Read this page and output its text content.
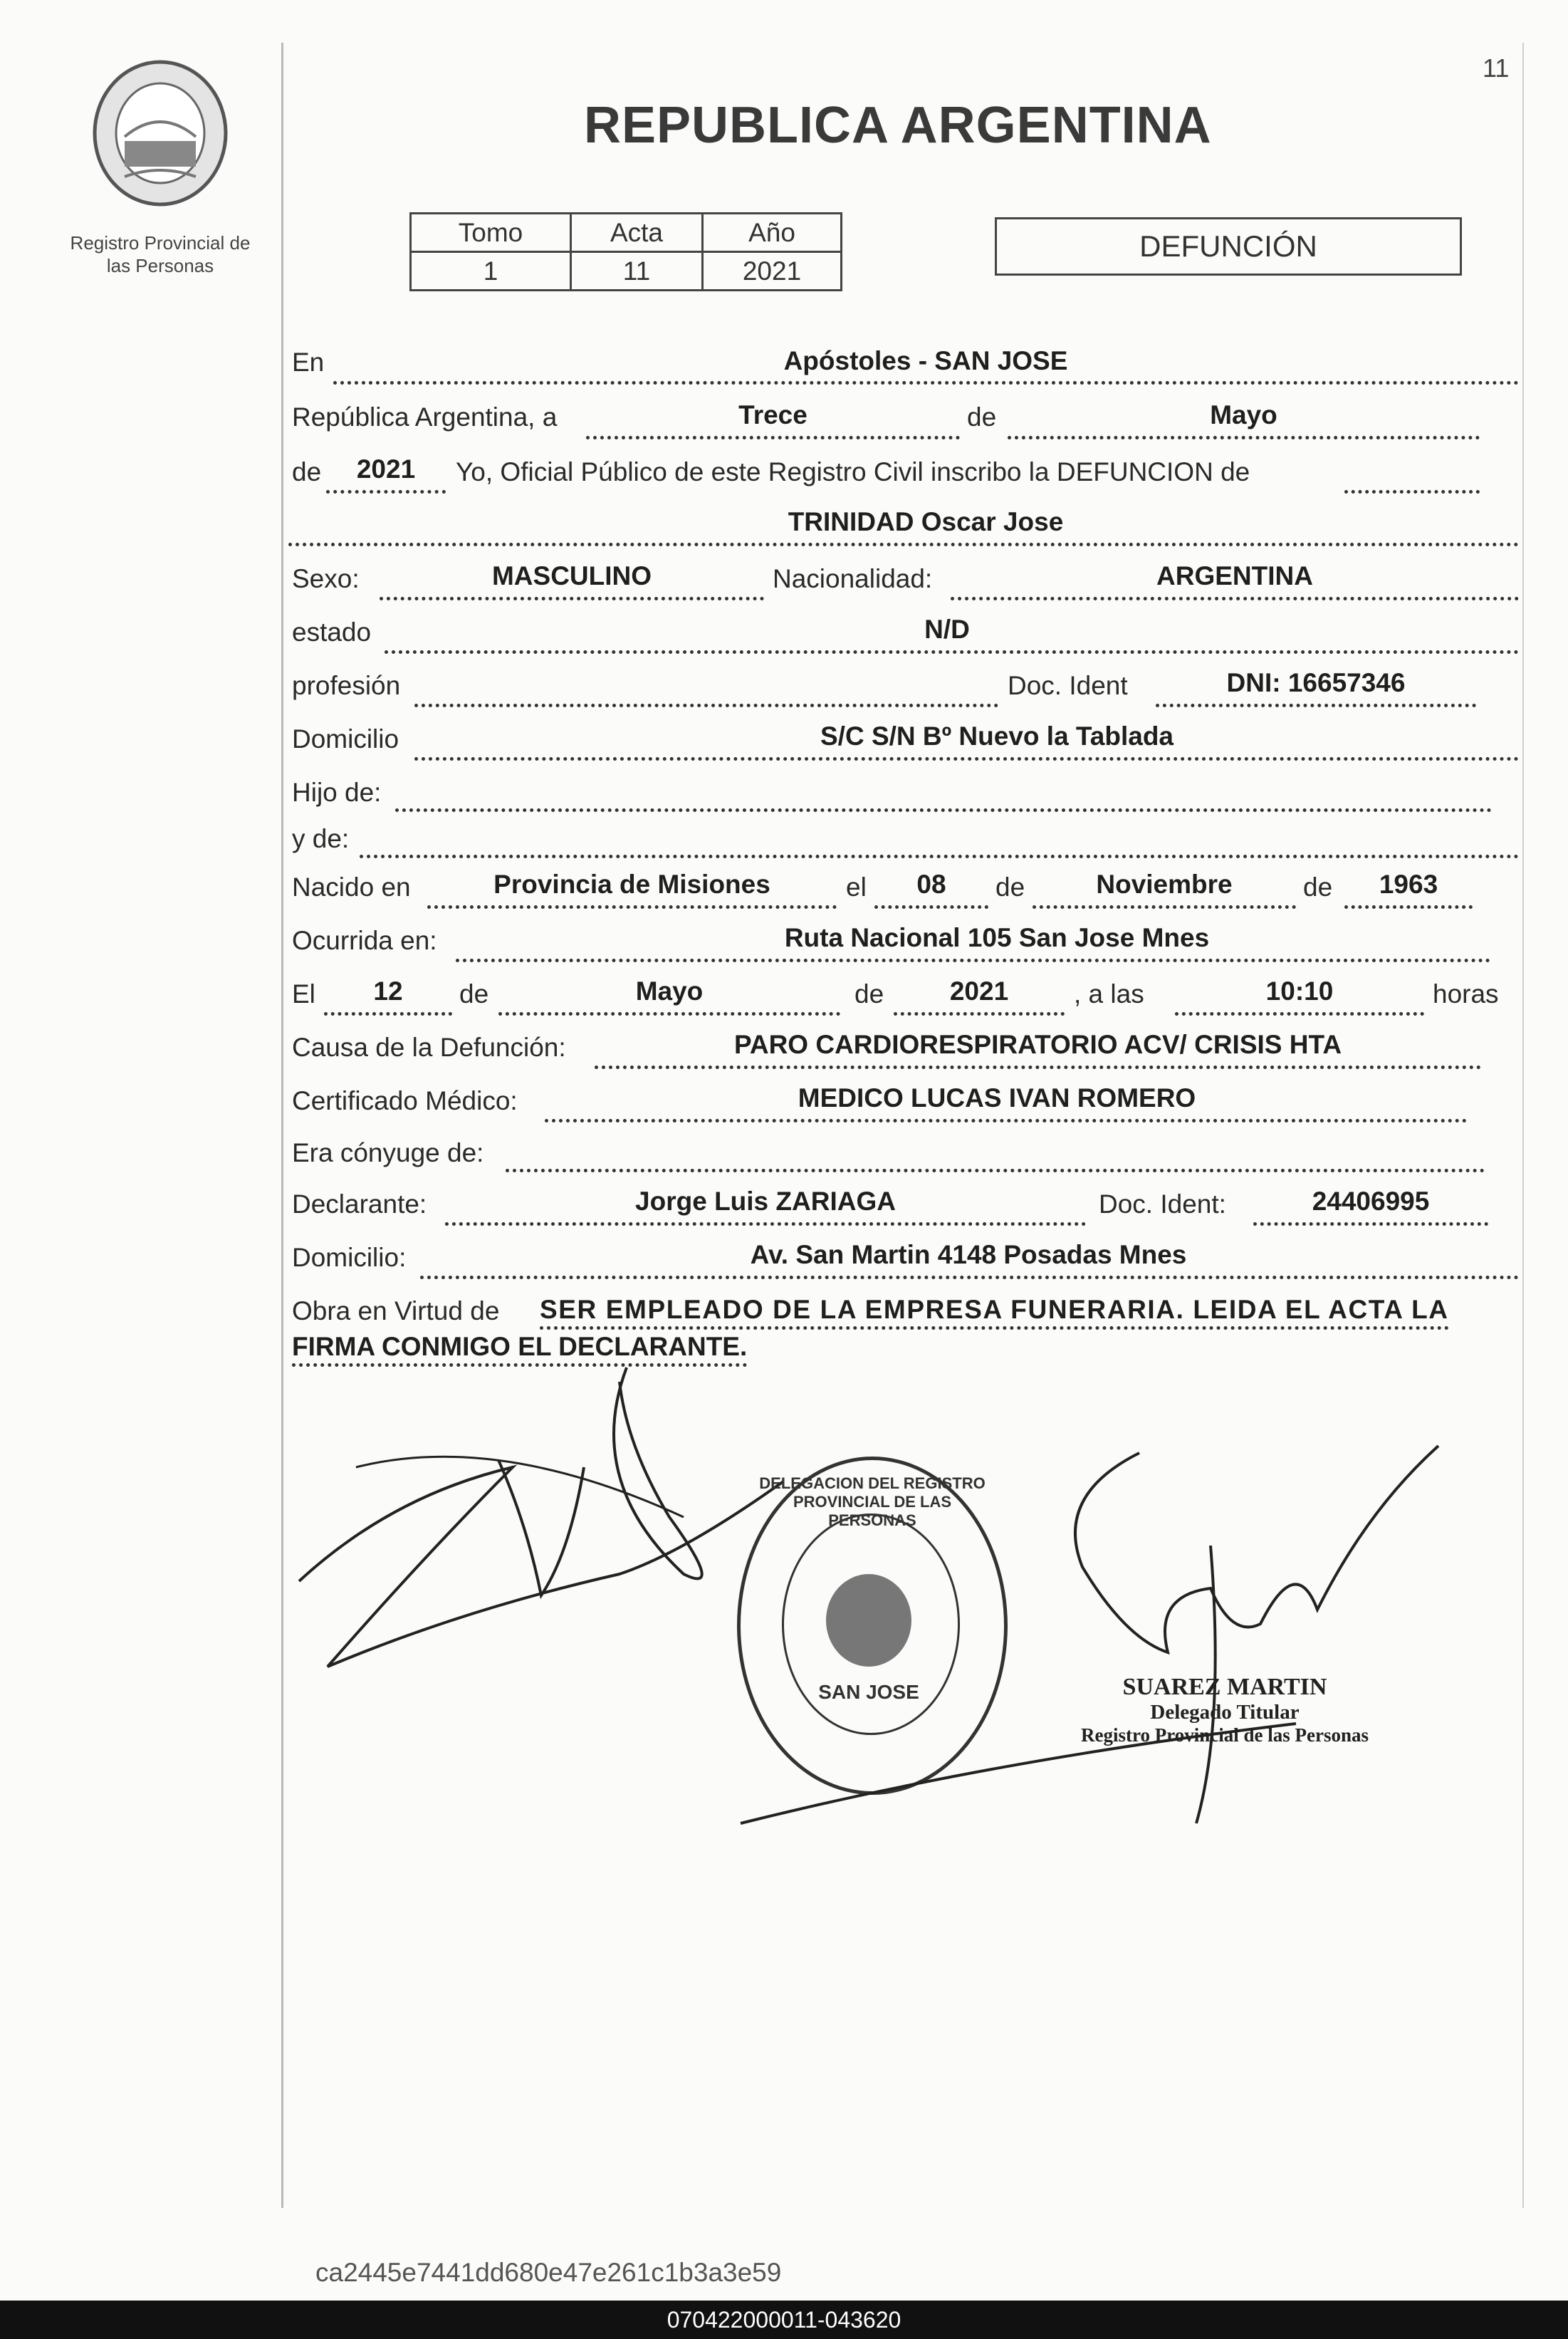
11
Registro Provincial de
las Personas
REPUBLICA ARGENTINA
Tomo	Acta	Año
1	11	2021
DEFUNCIÓN
En	Apóstoles - SAN JOSE
República Argentina, a	Trece	de	Mayo
de	2021	Yo, Oficial Público de este Registro Civil inscribo la DEFUNCION de
TRINIDAD Oscar Jose
Sexo:	MASCULINO	Nacionalidad:	ARGENTINA
estado	N/D
profesión	Doc. Ident	DNI: 16657346
Domicilio	S/C S/N Bº Nuevo la Tablada
Hijo de:
y de:
Nacido en	Provincia de Misiones	el	08	de	Noviembre	de	1963
Ocurrida en:	Ruta Nacional 105 San Jose Mnes
El	12	de	Mayo	de	2021	, a las	10:10	horas
Causa de la Defunción:	PARO CARDIORESPIRATORIO ACV/ CRISIS HTA
Certificado Médico:	MEDICO LUCAS IVAN ROMERO
Era cónyuge de:
Declarante:	Jorge Luis ZARIAGA	Doc. Ident:	24406995
Domicilio:	Av. San Martin 4148 Posadas Mnes
Obra en Virtud de SER EMPLEADO DE LA EMPRESA FUNERARIA. LEIDA EL ACTA LA
FIRMA CONMIGO EL DECLARANTE.
DELEGACION DEL REGISTRO PROVINCIAL DE LAS PERSONAS
SAN JOSE	SUAREZ MARTIN
Delegado Titular
Registro Provincial de las Personas
ca2445e7441dd680e47e261c1b3a3e59
070422000011-043620
